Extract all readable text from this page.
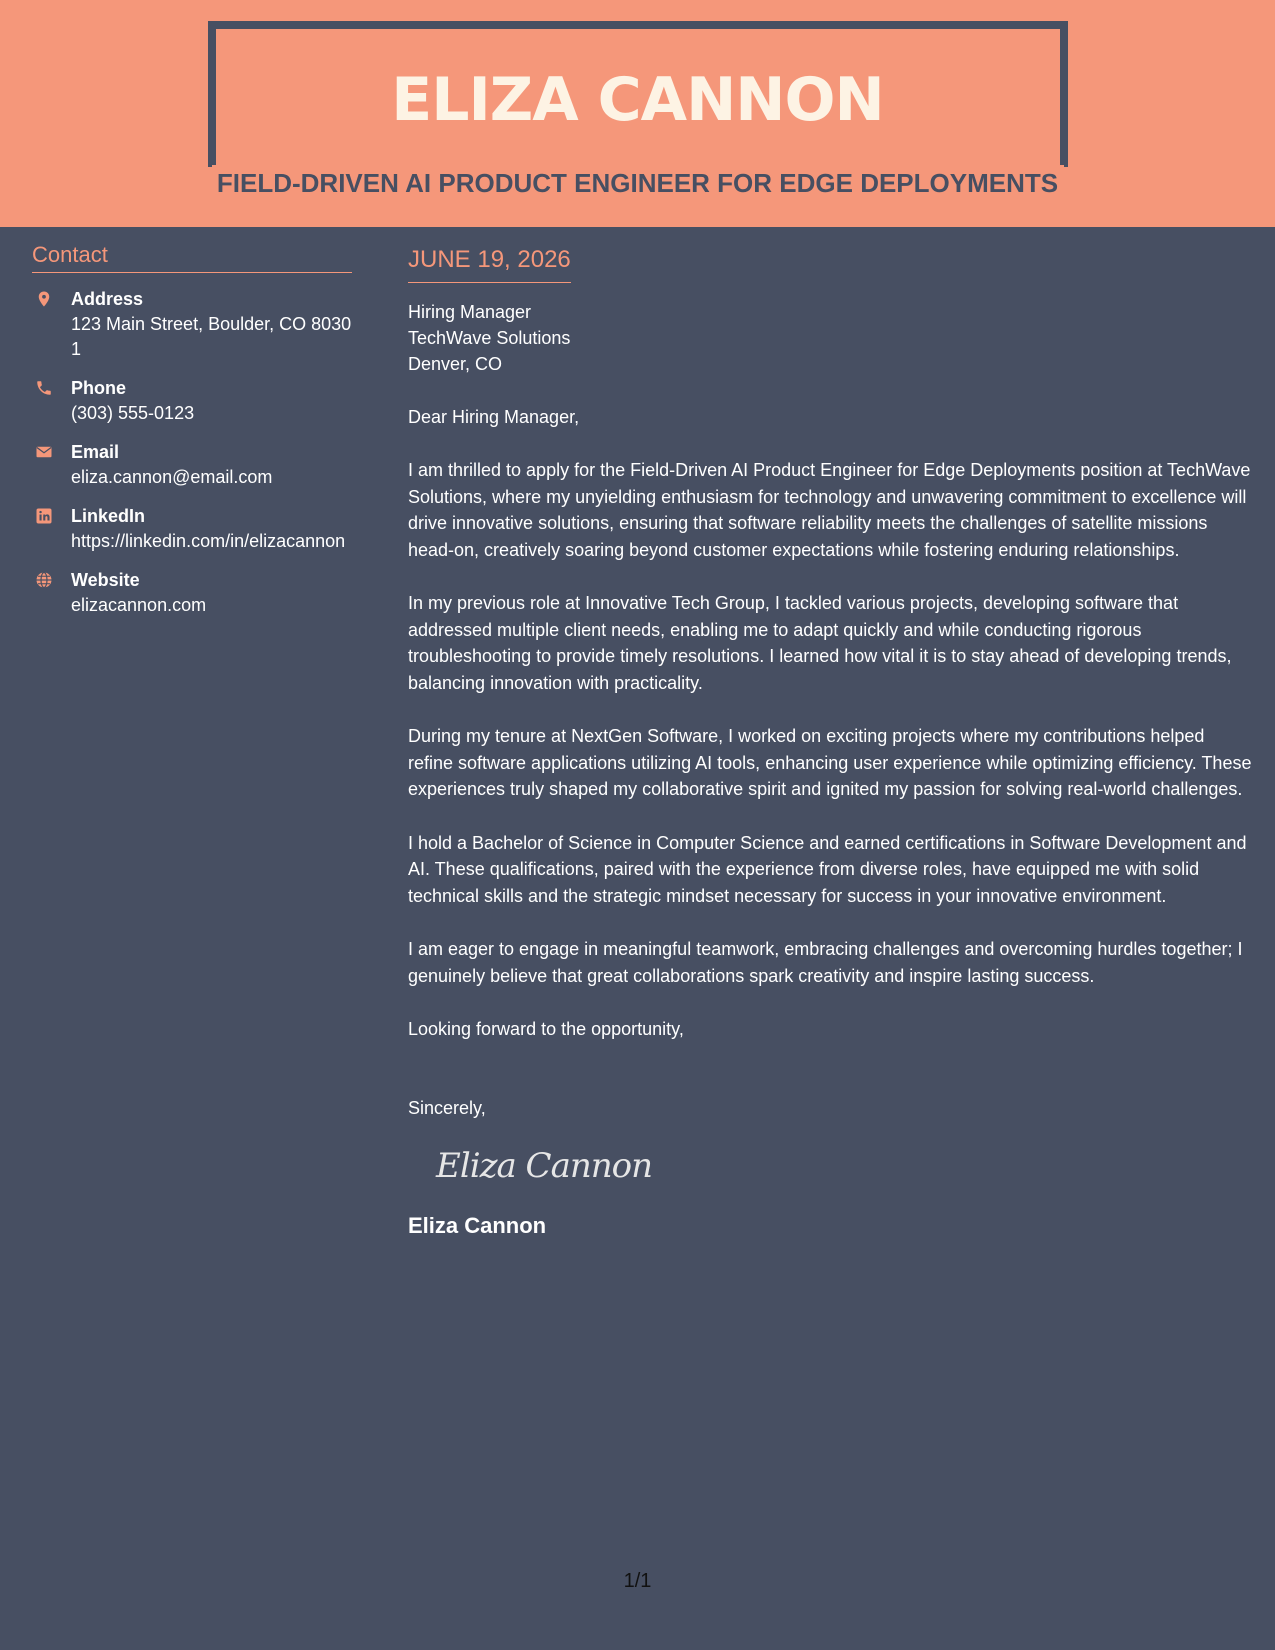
ELIZA CANNON
FIELD-DRIVEN AI PRODUCT ENGINEER FOR EDGE DEPLOYMENTS
Contact
Address
123 Main Street, Boulder, CO 80301
Phone
(303) 555-0123
Email
eliza.cannon@email.com
LinkedIn
https://linkedin.com/in/elizacannon
Website
elizacannon.com
JUNE 19, 2026
Hiring Manager
TechWave Solutions
Denver, CO
Dear Hiring Manager,
I am thrilled to apply for the Field-Driven AI Product Engineer for Edge Deployments position at TechWave Solutions, where my unyielding enthusiasm for technology and unwavering commitment to excellence will drive innovative solutions, ensuring that software reliability meets the challenges of satellite missions head-on, creatively soaring beyond customer expectations while fostering enduring relationships.
In my previous role at Innovative Tech Group, I tackled various projects, developing software that addressed multiple client needs, enabling me to adapt quickly and while conducting rigorous troubleshooting to provide timely resolutions. I learned how vital it is to stay ahead of developing trends, balancing innovation with practicality.
During my tenure at NextGen Software, I worked on exciting projects where my contributions helped refine software applications utilizing AI tools, enhancing user experience while optimizing efficiency. These experiences truly shaped my collaborative spirit and ignited my passion for solving real-world challenges.
I hold a Bachelor of Science in Computer Science and earned certifications in Software Development and AI. These qualifications, paired with the experience from diverse roles, have equipped me with solid technical skills and the strategic mindset necessary for success in your innovative environment.
I am eager to engage in meaningful teamwork, embracing challenges and overcoming hurdles together; I genuinely believe that great collaborations spark creativity and inspire lasting success.
Looking forward to the opportunity,
Sincerely,
Eliza Cannon
Eliza Cannon
1/1
